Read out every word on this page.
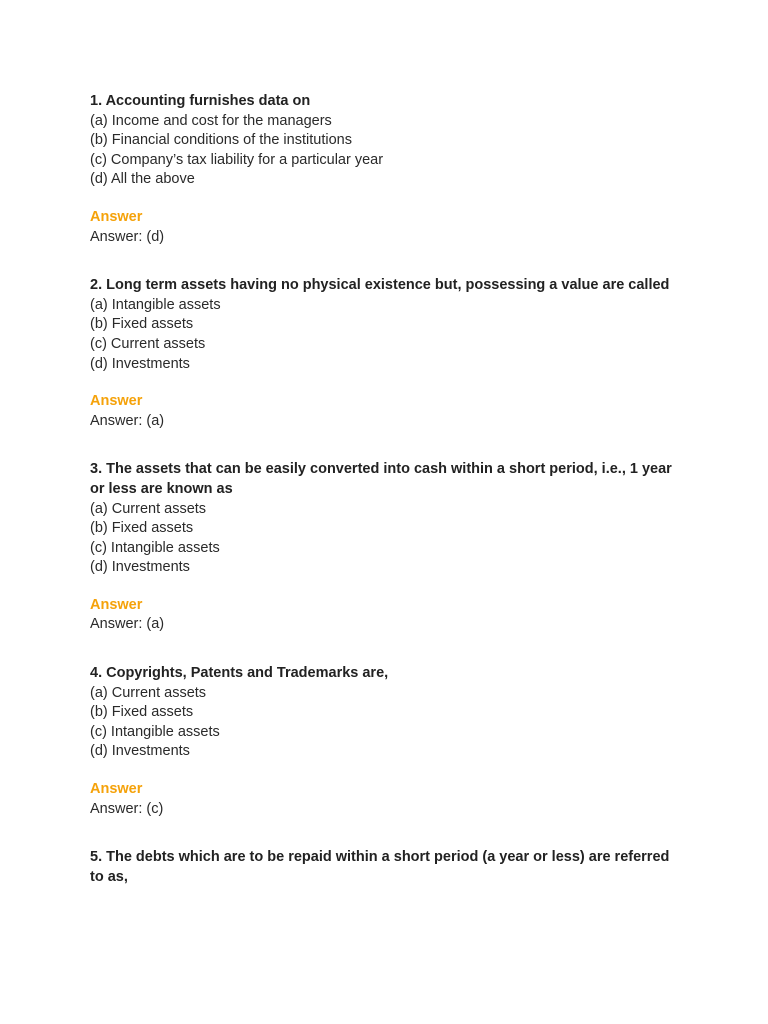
1. Accounting furnishes data on

(a) Income and cost for the managers

(b) Financial conditions of the institutions

(c) Company’s tax liability for a particular year

(d) All the above

Answer

Answer: (d)

2. Long term assets having no physical existence but, possessing a value are called

(a) Intangible assets

(b) Fixed assets

(c) Current assets

(d) Investments

Answer

Answer: (a)

3. The assets that can be easily converted into cash within a short period, i.e., 1 year or less are known as

(a) Current assets

(b) Fixed assets

(c) Intangible assets

(d) Investments

Answer

Answer: (a)

4. Copyrights, Patents and Trademarks are,

(a) Current assets

(b) Fixed assets

(c) Intangible assets

(d) Investments

Answer

Answer: (c)

5. The debts which are to be repaid within a short period (a year or less) are referred to as,
